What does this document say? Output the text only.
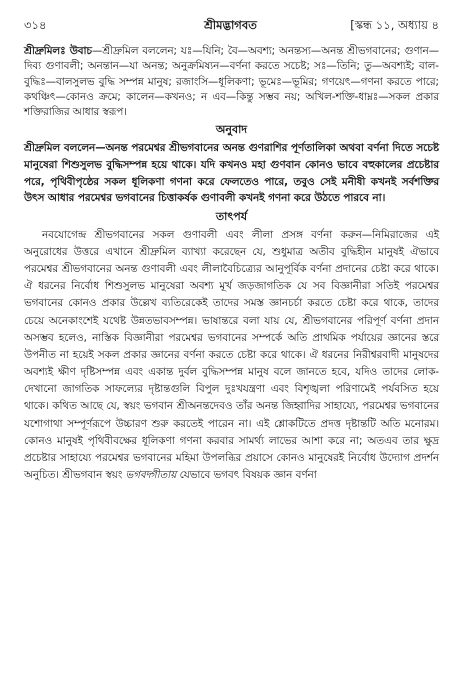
৩১৪	শ্রীমদ্ভাগবত	[স্কন্ধ ১১, অধ্যায় ৪

শ্রীদ্রুমিলঃ উবাচ—শ্রীদ্রুমিল বললেন; যঃ—যিনি; বৈ—অবশ্য; অনন্তস্য—অনন্ত শ্রীভগবানের; গুণান—দিব্য গুণাবলী; অনন্তান—যা অনন্ত; অনুক্রমিষ্যন—বর্ণনা করতে সচেষ্ট; সঃ—তিনি; তু—অবশ্যই; বাল-বুদ্ধিঃ—বালসুলভ বুদ্ধি সম্পন্ন মানুষ; রজাংসি—ধূলিকণা; ভূমেঃ—ভূমির; গণয়েৎ—গণনা করতে পারে; কথঞ্চিৎ—কোনও ক্রমে; কালেন—কখনও; ন এব—কিন্তু সম্ভব নয়; অখিল-শক্তি-ধাম্নঃ—সকল প্রকার শক্তিরাজির আধার স্বরূপ।

অনুবাদ

শ্রীদ্রুমিল বললেন—অনন্ত পরমেশ্বর শ্রীভগবানের অনন্ত গুণরাশির পূর্ণতালিকা অথবা বর্ণনা দিতে সচেষ্ট মানুষেরা শিশুসুলভ বুদ্ধিসম্পন্ন হয়ে থাকে। যদি কখনও মহা গুণবান কোনও ভাবে বহুকালের প্রচেষ্টার পরে, পৃথিবীপৃষ্ঠের সকল ধূলিকণা গণনা করে ফেলতেও পারে, তবুও সেই মনীষী কখনই সর্বশক্তির উৎস আধার পরমেশ্বর ভগবানের চিত্তাকর্ষক গুণাবলী কখনই গণনা করে উঠতে পারবে না।

তাৎপর্য

নবযোগেন্দ্র শ্রীভগবানের সকল গুণাবলী এবং লীলা প্রসঙ্গ বর্ণনা করুন—নিমিরাজের এই অনুরোধের উত্তরে এখানে শ্রীদ্রুমিল ব্যাখ্যা করেছেন যে, শুধুমাত্র অতীব বুদ্ধিহীন মানুষই ঐভাবে পরমেশ্বর শ্রীভগবানের অনন্ত গুণাবলী এবং লীলাবৈচিত্র্যের আনুপূর্বিক বর্ণনা প্রদানের চেষ্টা করে থাকে। ঐ ধরনের নির্বোধ শিশুসুলভ মানুষেরা অবশ্য মূর্খ জড়জাগতিক যে সব বিজ্ঞানীরা সতিই পরমেশ্বর ভগবানের কোনও প্রকার উল্লেখ ব্যতিরেকেই তাদের সমস্ত জ্ঞানচর্চা করতে চেষ্টা করে থাকে, তাদের চেয়ে অনেকাংশেই যথেষ্ট উন্নতভাবসম্পন্ন। ভাষান্তরে বলা যায় যে, শ্রীভগবানের পরিপূর্ণ বর্ণনা প্রদান অসম্ভব হলেও, নাস্তিক বিজ্ঞানীরা পরমেশ্বর ভগবানের সম্পর্কে অতি প্রাথমিক পর্যায়ের জ্ঞানের স্তরে উপনীত না হয়েই সকল প্রকার জ্ঞানের বর্ণনা করতে চেষ্টা করে থাকে। ঐ ধরনের নিরীশ্বরবাদী মানুষদের অবশ্যই ক্ষীণ দৃষ্টিসম্পন্ন এবং একান্ত দুর্বল বুদ্ধিসম্পন্ন মানুষ বলে জানতে হবে, যদিও তাদের লোক-দেখানো জাগতিক সাফল্যের দৃষ্টান্তগুলি বিপুল দুঃখযন্ত্রণা এবং বিশৃঙ্খলা পরিণামেই পর্যবসিত হয়ে থাকে। কথিত আছে যে, স্বয়ং ভগবান শ্রীঅনন্তদেবও তাঁর অনন্ত জিহ্বাদির সাহায্যে, পরমেশ্বর ভগবানের যশোগাথা সম্পূর্ণরূপে উচ্চারণ শুরু করতেই পারেন না। এই শ্লোকটিতে প্রদত্ত দৃষ্টান্তটি অতি মনোরম। কোনও মানুষই পৃথিবীবক্ষের ধূলিকণা গণনা করবার সামর্থ্য লাভের আশা করে না; অতএব তার ক্ষুদ্র প্রচেষ্টার সাহায্যে পরমেশ্বর ভগবানের মহিমা উপলব্ধির প্রয়াসে কোনও মানুষেরই নির্বোধ উদ্যোগ প্রদর্শন অনুচিত। শ্রীভগবান স্বয়ং ভগবদ্গীতায় যেভাবে ভগবৎ বিষয়ক জ্ঞান বর্ণনা
